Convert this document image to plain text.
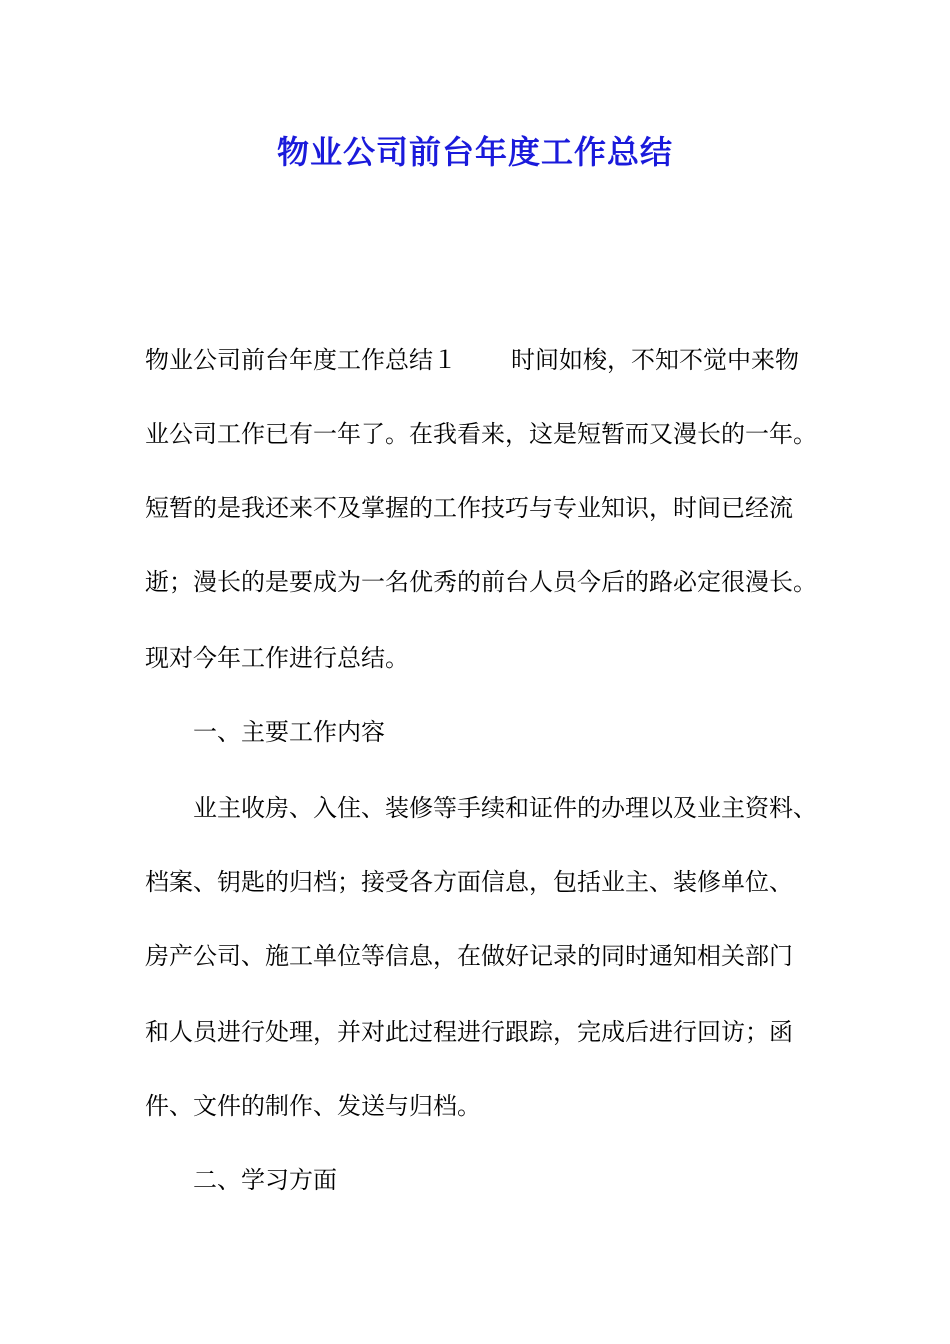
物业公司前台年度工作总结
物业公司前台年度工作总结１ 时间如梭，不知不觉中来物
业公司工作已有一年了。在我看来，这是短暂而又漫长的一年。
短暂的是我还来不及掌握的工作技巧与专业知识，时间已经流
逝；漫长的是要成为一名优秀的前台人员今后的路必定很漫长。
现对今年工作进行总结。
一、主要工作内容
业主收房、入住、装修等手续和证件的办理以及业主资料、
档案、钥匙的归档；接受各方面信息，包括业主、装修单位、
房产公司、施工单位等信息，在做好记录的同时通知相关部门
和人员进行处理，并对此过程进行跟踪，完成后进行回访；函
件、文件的制作、发送与归档。
二、学习方面
